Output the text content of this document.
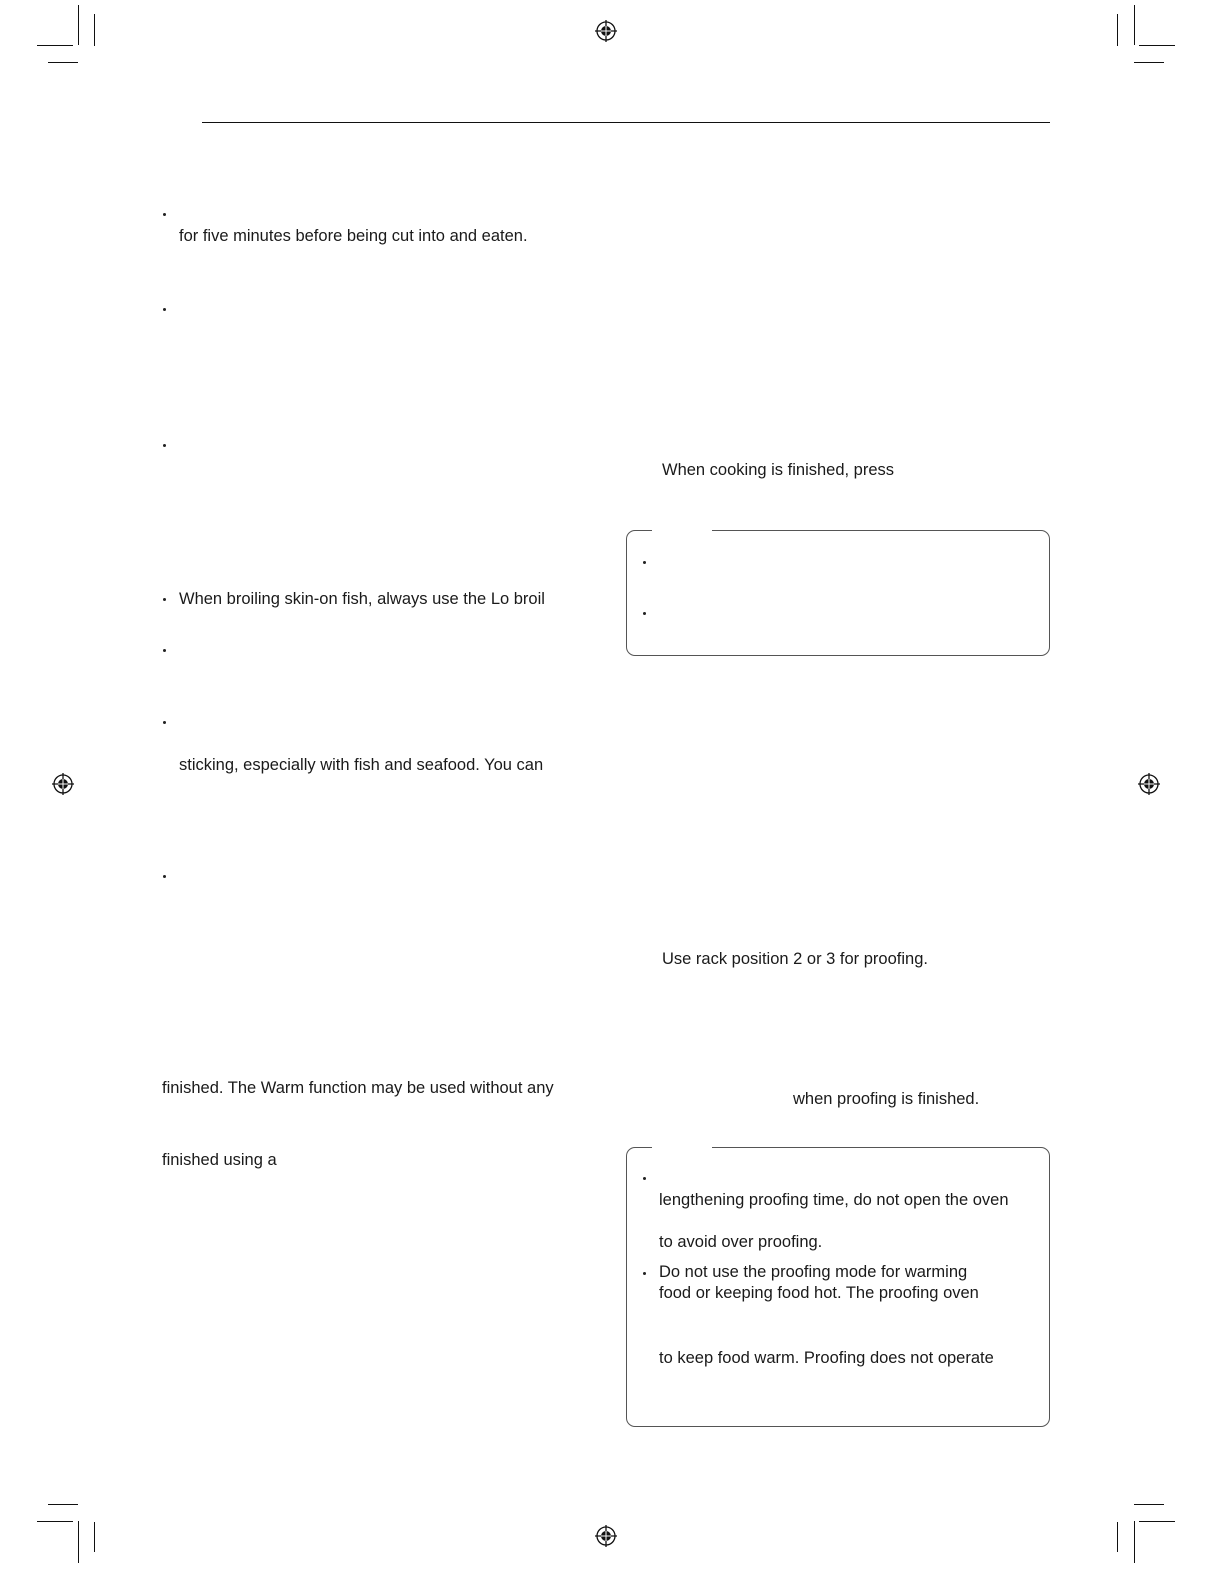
for five minutes before being cut into and eaten.
When broiling skin-on fish, always use the Lo broil
sticking, especially with fish and seafood. You can
finished. The Warm function may be used without any
finished using a
When cooking is finished, press
Use rack position 2 or 3 for proofing.
when proofing is finished.
lengthening proofing time, do not open the oven
to avoid over proofing.
Do not use the proofing mode for warming
food or keeping food hot. The proofing oven
to keep food warm. Proofing does not operate
